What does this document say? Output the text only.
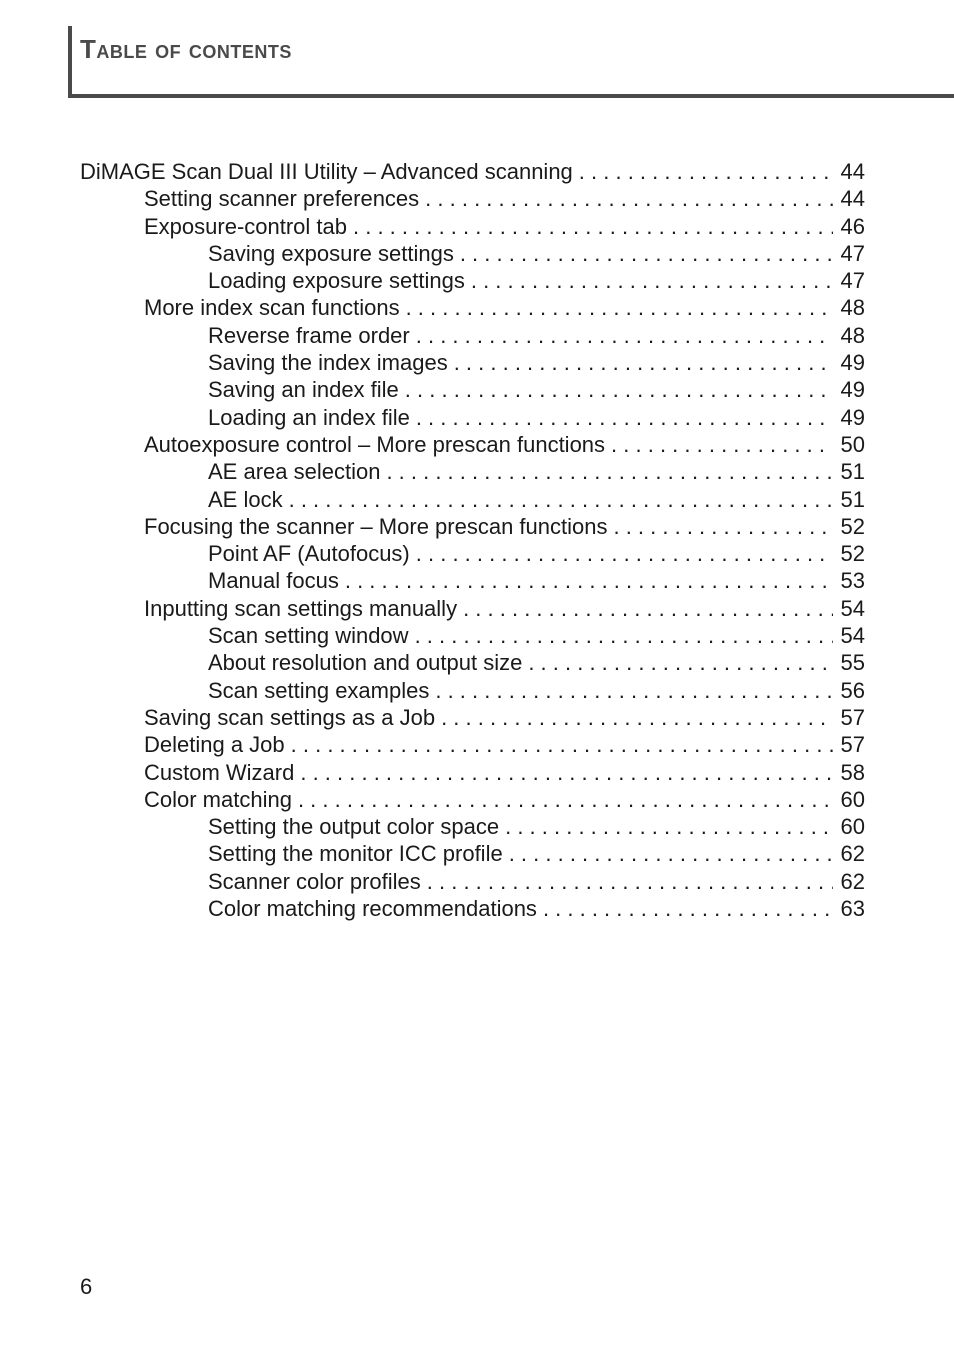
Table of contents
DiMAGE Scan Dual III Utility – Advanced scanning . . .	44
Setting scanner preferences . . .	44
Exposure-control tab . . .	46
Saving exposure settings . . .	47
Loading exposure settings . . .	47
More index scan functions . . .	48
Reverse frame order . . .	48
Saving the index images . . .	49
Saving an index file . . .	49
Loading an index file . . .	49
Autoexposure control – More prescan functions . . .	50
AE area selection . . .	51
AE lock . . .	51
Focusing the scanner – More prescan functions . . .	52
Point AF (Autofocus) . . .	52
Manual focus . . .	53
Inputting scan settings manually . . .	54
Scan setting window . . .	54
About resolution and output size . . .	55
Scan setting examples . . .	56
Saving scan settings as a Job . . .	57
Deleting a Job . . .	57
Custom Wizard . . .	58
Color matching . . .	60
Setting the output color space . . .	60
Setting the monitor ICC profile . . .	62
Scanner color profiles . . .	62
Color matching recommendations . . .	63

6
